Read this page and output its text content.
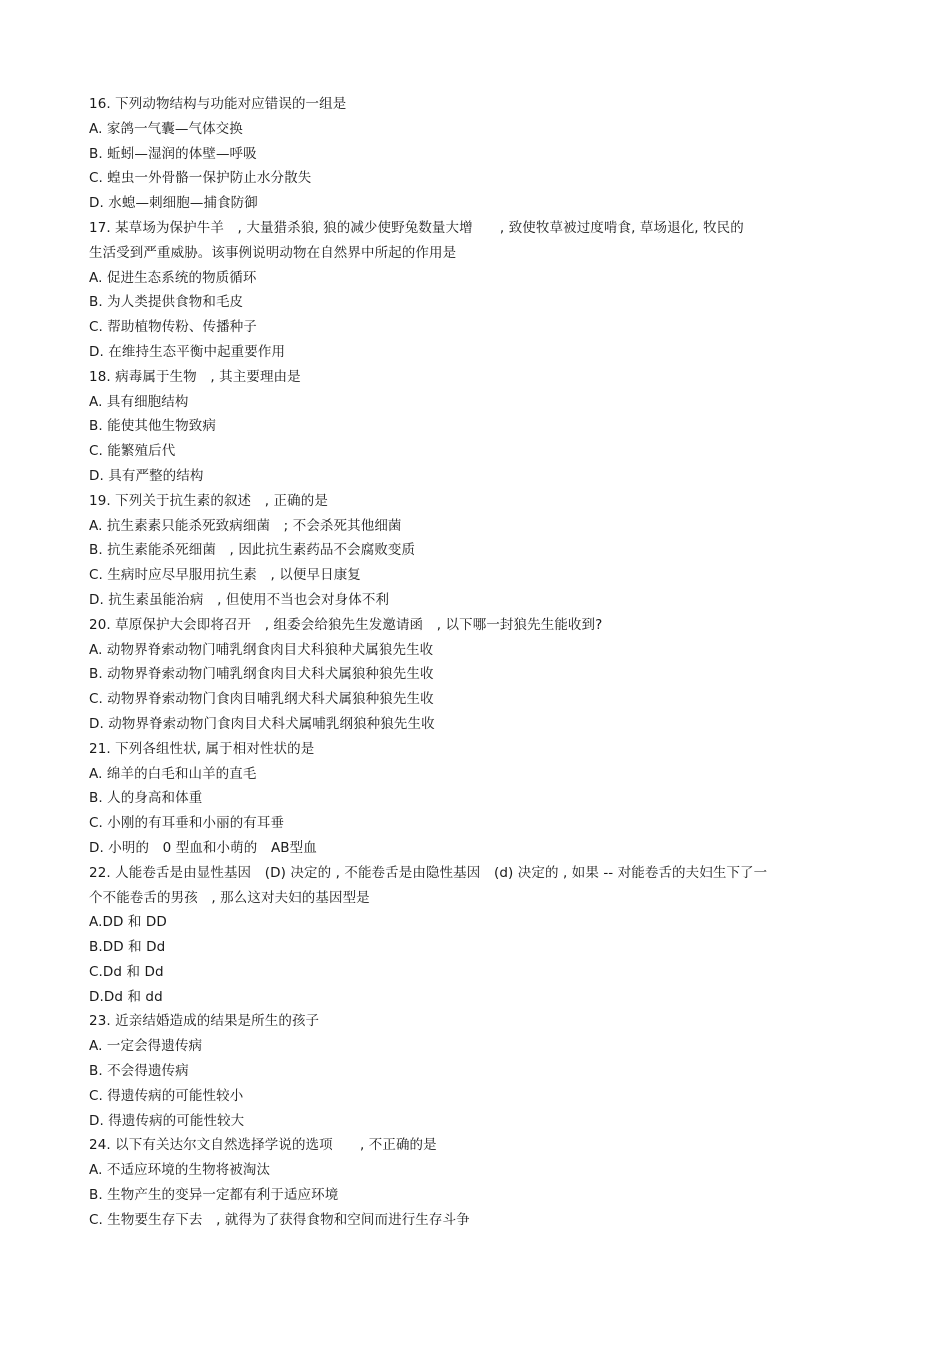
16. 下列动物结构与功能对应错误的一组是
A. 家鸽一气囊—气体交换
B. 蚯蚓—湿润的体壁—呼吸
C. 蝗虫一外骨骼一保护防止水分散失
D. 水螅—刺细胞—捕食防御
17. 某草场为保护牛羊　, 大量猎杀狼, 狼的减少使野兔数量大增　　, 致使牧草被过度啃食, 草场退化, 牧民的
生活受到严重威胁。该事例说明动物在自然界中所起的作用是
A. 促进生态系统的物质循环
B. 为人类提供食物和毛皮
C. 帮助植物传粉、传播种子
D. 在维持生态平衡中起重要作用
18. 病毒属于生物　, 其主要理由是
A. 具有细胞结构
B. 能使其他生物致病
C. 能繁殖后代
D. 具有严整的结构
19. 下列关于抗生素的叙述　, 正确的是
A. 抗生素素只能杀死致病细菌　; 不会杀死其他细菌
B. 抗生素能杀死细菌　, 因此抗生素药品不会腐败变质
C. 生病时应尽早服用抗生素　, 以便早日康复
D. 抗生素虽能治病　, 但使用不当也会对身体不利
20. 草原保护大会即将召开　, 组委会给狼先生发邀请函　, 以下哪一封狼先生能收到?
A. 动物界脊索动物门哺乳纲食肉目犬科狼种犬属狼先生收
B. 动物界脊索动物门哺乳纲食肉目犬科犬属狼种狼先生收
C. 动物界脊索动物门食肉目哺乳纲犬科犬属狼种狼先生收
D. 动物界脊索动物门食肉目犬科犬属哺乳纲狼种狼先生收
21. 下列各组性状, 属于相对性状的是
A. 绵羊的白毛和山羊的直毛
B. 人的身高和体重
C. 小刚的有耳垂和小丽的有耳垂
D. 小明的　0 型血和小萌的　AB型血
22. 人能卷舌是由显性基因　(D) 决定的 , 不能卷舌是由隐性基因　(d) 决定的 , 如果 -- 对能卷舌的夫妇生下了一
个不能卷舌的男孩　, 那么这对夫妇的基因型是
A.DD 和 DD
B.DD 和 Dd
C.Dd 和 Dd
D.Dd 和 dd
23. 近亲结婚造成的结果是所生的孩子
A. 一定会得遗传病
B. 不会得遗传病
C. 得遗传病的可能性较小
D. 得遗传病的可能性较大
24. 以下有关达尔文自然选择学说的选项　　, 不正确的是
A. 不适应环境的生物将被淘汰
B. 生物产生的变异一定都有利于适应环境
C. 生物要生存下去　, 就得为了获得食物和空间而进行生存斗争
